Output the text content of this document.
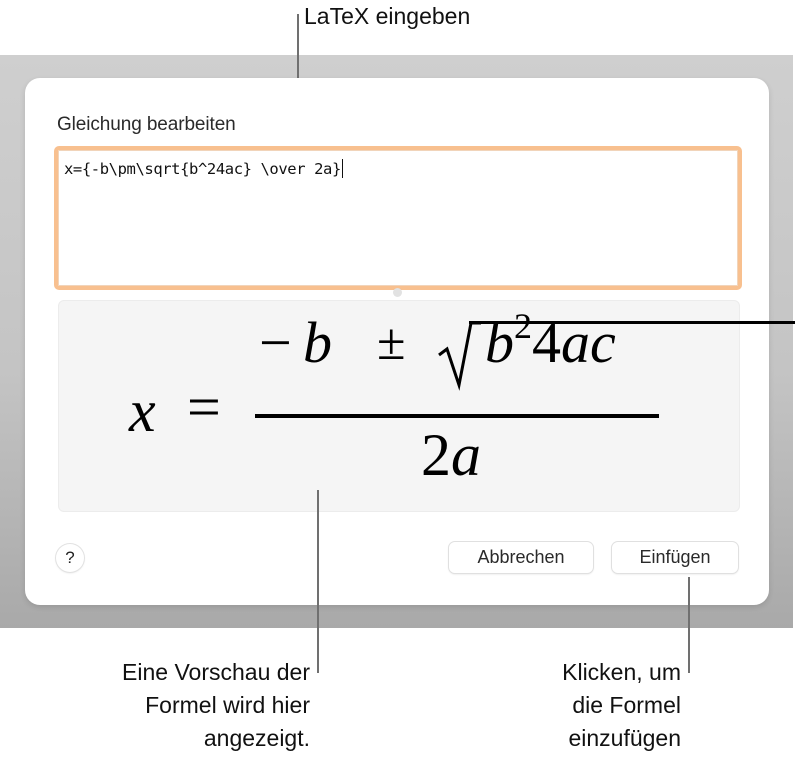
LaTeX eingeben
Gleichung bearbeiten
x={-b\pm\sqrt{b^24ac} \over 2a}
x =
− $b \pm b^24ac$
2a
?	Abbrechen	Einfügen
Eine Vorschau der
Formel wird hier
angezeigt.
Klicken, um
die Formel
einzufügen
